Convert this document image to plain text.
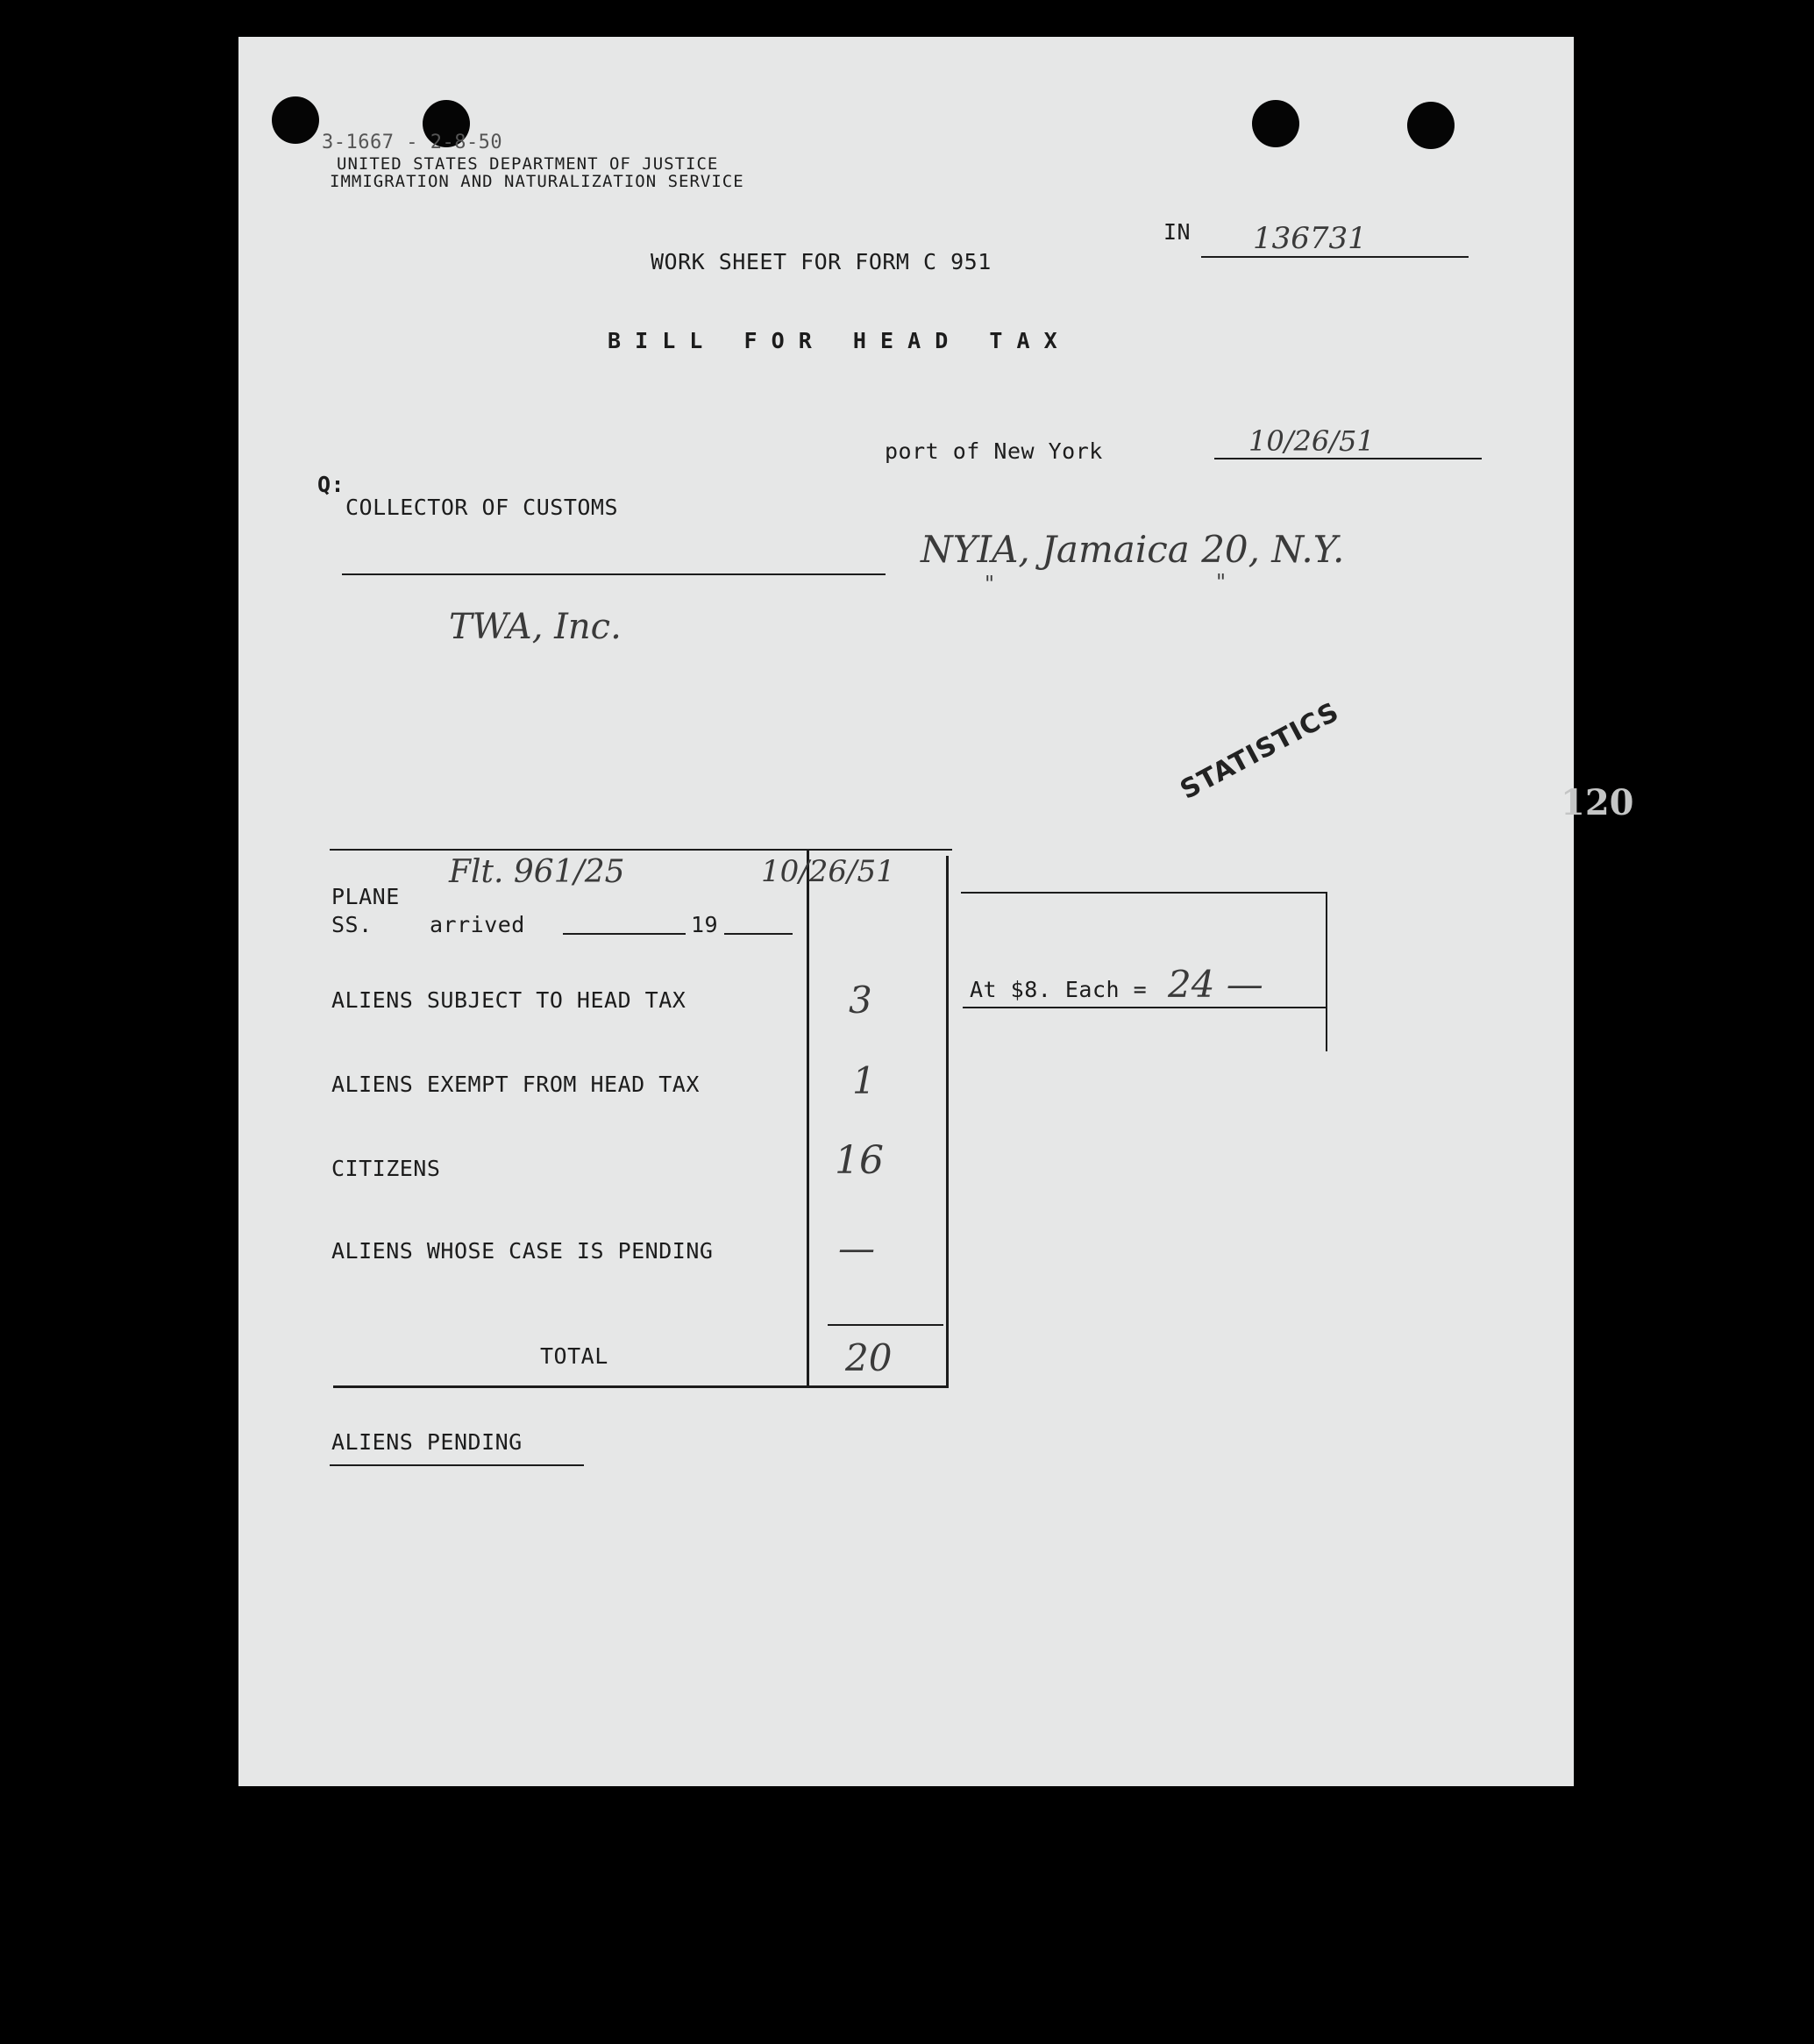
3-1667 - 2-8-50
UNITED STATES DEPARTMENT OF JUSTICE
IMMIGRATION AND NATURALIZATION SERVICE
IN 136731
WORK SHEET FOR FORM C 951
B I L L   F O R   H E A D   T A X
port of New York	10/26/51
Q:
COLLECTOR OF CUSTOMS
NYIA, Jamaica 20, N.Y.
"	"
TWA, Inc.
STATISTICS	120
PLANE
SS.	arrived	19
Flt. 961/25	10/26/51
ALIENS SUBJECT TO HEAD TAX	3
ALIENS EXEMPT FROM HEAD TAX	1
CITIZENS	16
ALIENS WHOSE CASE IS PENDING	—
TOTAL	20
At $8. Each = 24 —
ALIENS PENDING
